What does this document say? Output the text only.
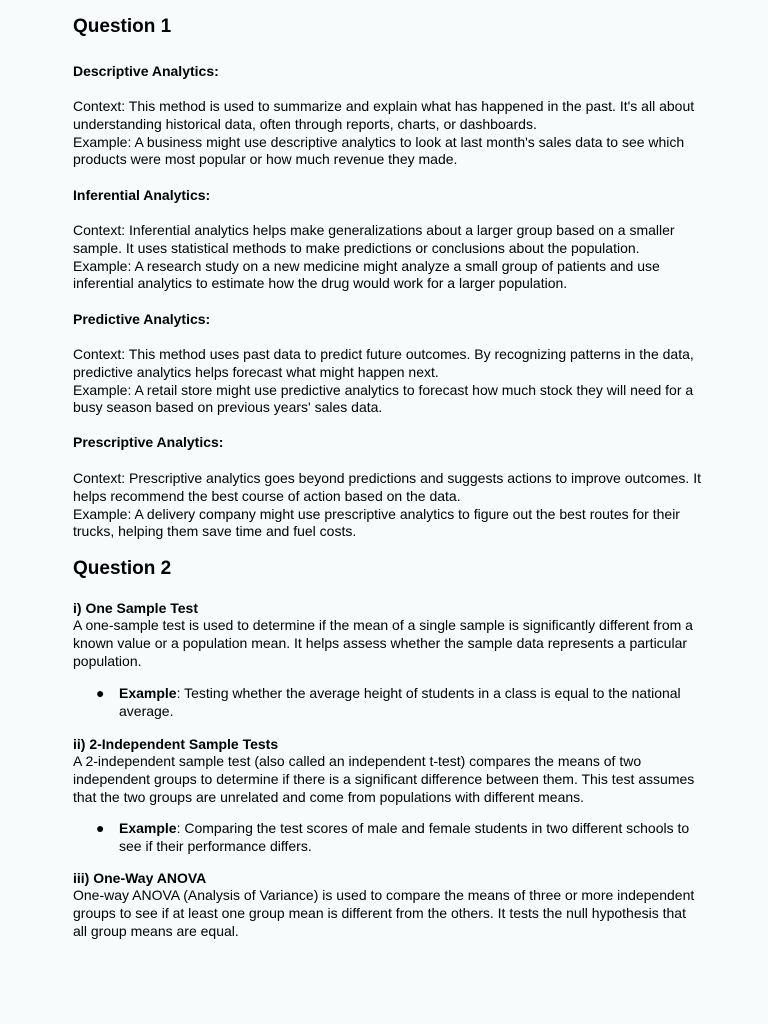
Question 1

Descriptive Analytics:

Context: This method is used to summarize and explain what has happened in the past. It's all about understanding historical data, often through reports, charts, or dashboards.

Example: A business might use descriptive analytics to look at last month's sales data to see which products were most popular or how much revenue they made.

Inferential Analytics:

Context: Inferential analytics helps make generalizations about a larger group based on a smaller sample. It uses statistical methods to make predictions or conclusions about the population.

Example: A research study on a new medicine might analyze a small group of patients and use inferential analytics to estimate how the drug would work for a larger population.

Predictive Analytics:

Context: This method uses past data to predict future outcomes. By recognizing patterns in the data, predictive analytics helps forecast what might happen next.

Example: A retail store might use predictive analytics to forecast how much stock they will need for a busy season based on previous years' sales data.

Prescriptive Analytics:

Context: Prescriptive analytics goes beyond predictions and suggests actions to improve outcomes. It helps recommend the best course of action based on the data.

Example: A delivery company might use prescriptive analytics to figure out the best routes for their trucks, helping them save time and fuel costs.

Question 2

i) One Sample Test

A one-sample test is used to determine if the mean of a single sample is significantly different from a known value or a population mean. It helps assess whether the sample data represents a particular population.

● Example: Testing whether the average height of students in a class is equal to the national average.

ii) 2-Independent Sample Tests

A 2-independent sample test (also called an independent t-test) compares the means of two independent groups to determine if there is a significant difference between them. This test assumes that the two groups are unrelated and come from populations with different means.

● Example: Comparing the test scores of male and female students in two different schools to see if their performance differs.

iii) One-Way ANOVA

One-way ANOVA (Analysis of Variance) is used to compare the means of three or more independent groups to see if at least one group mean is different from the others. It tests the null hypothesis that all group means are equal.
